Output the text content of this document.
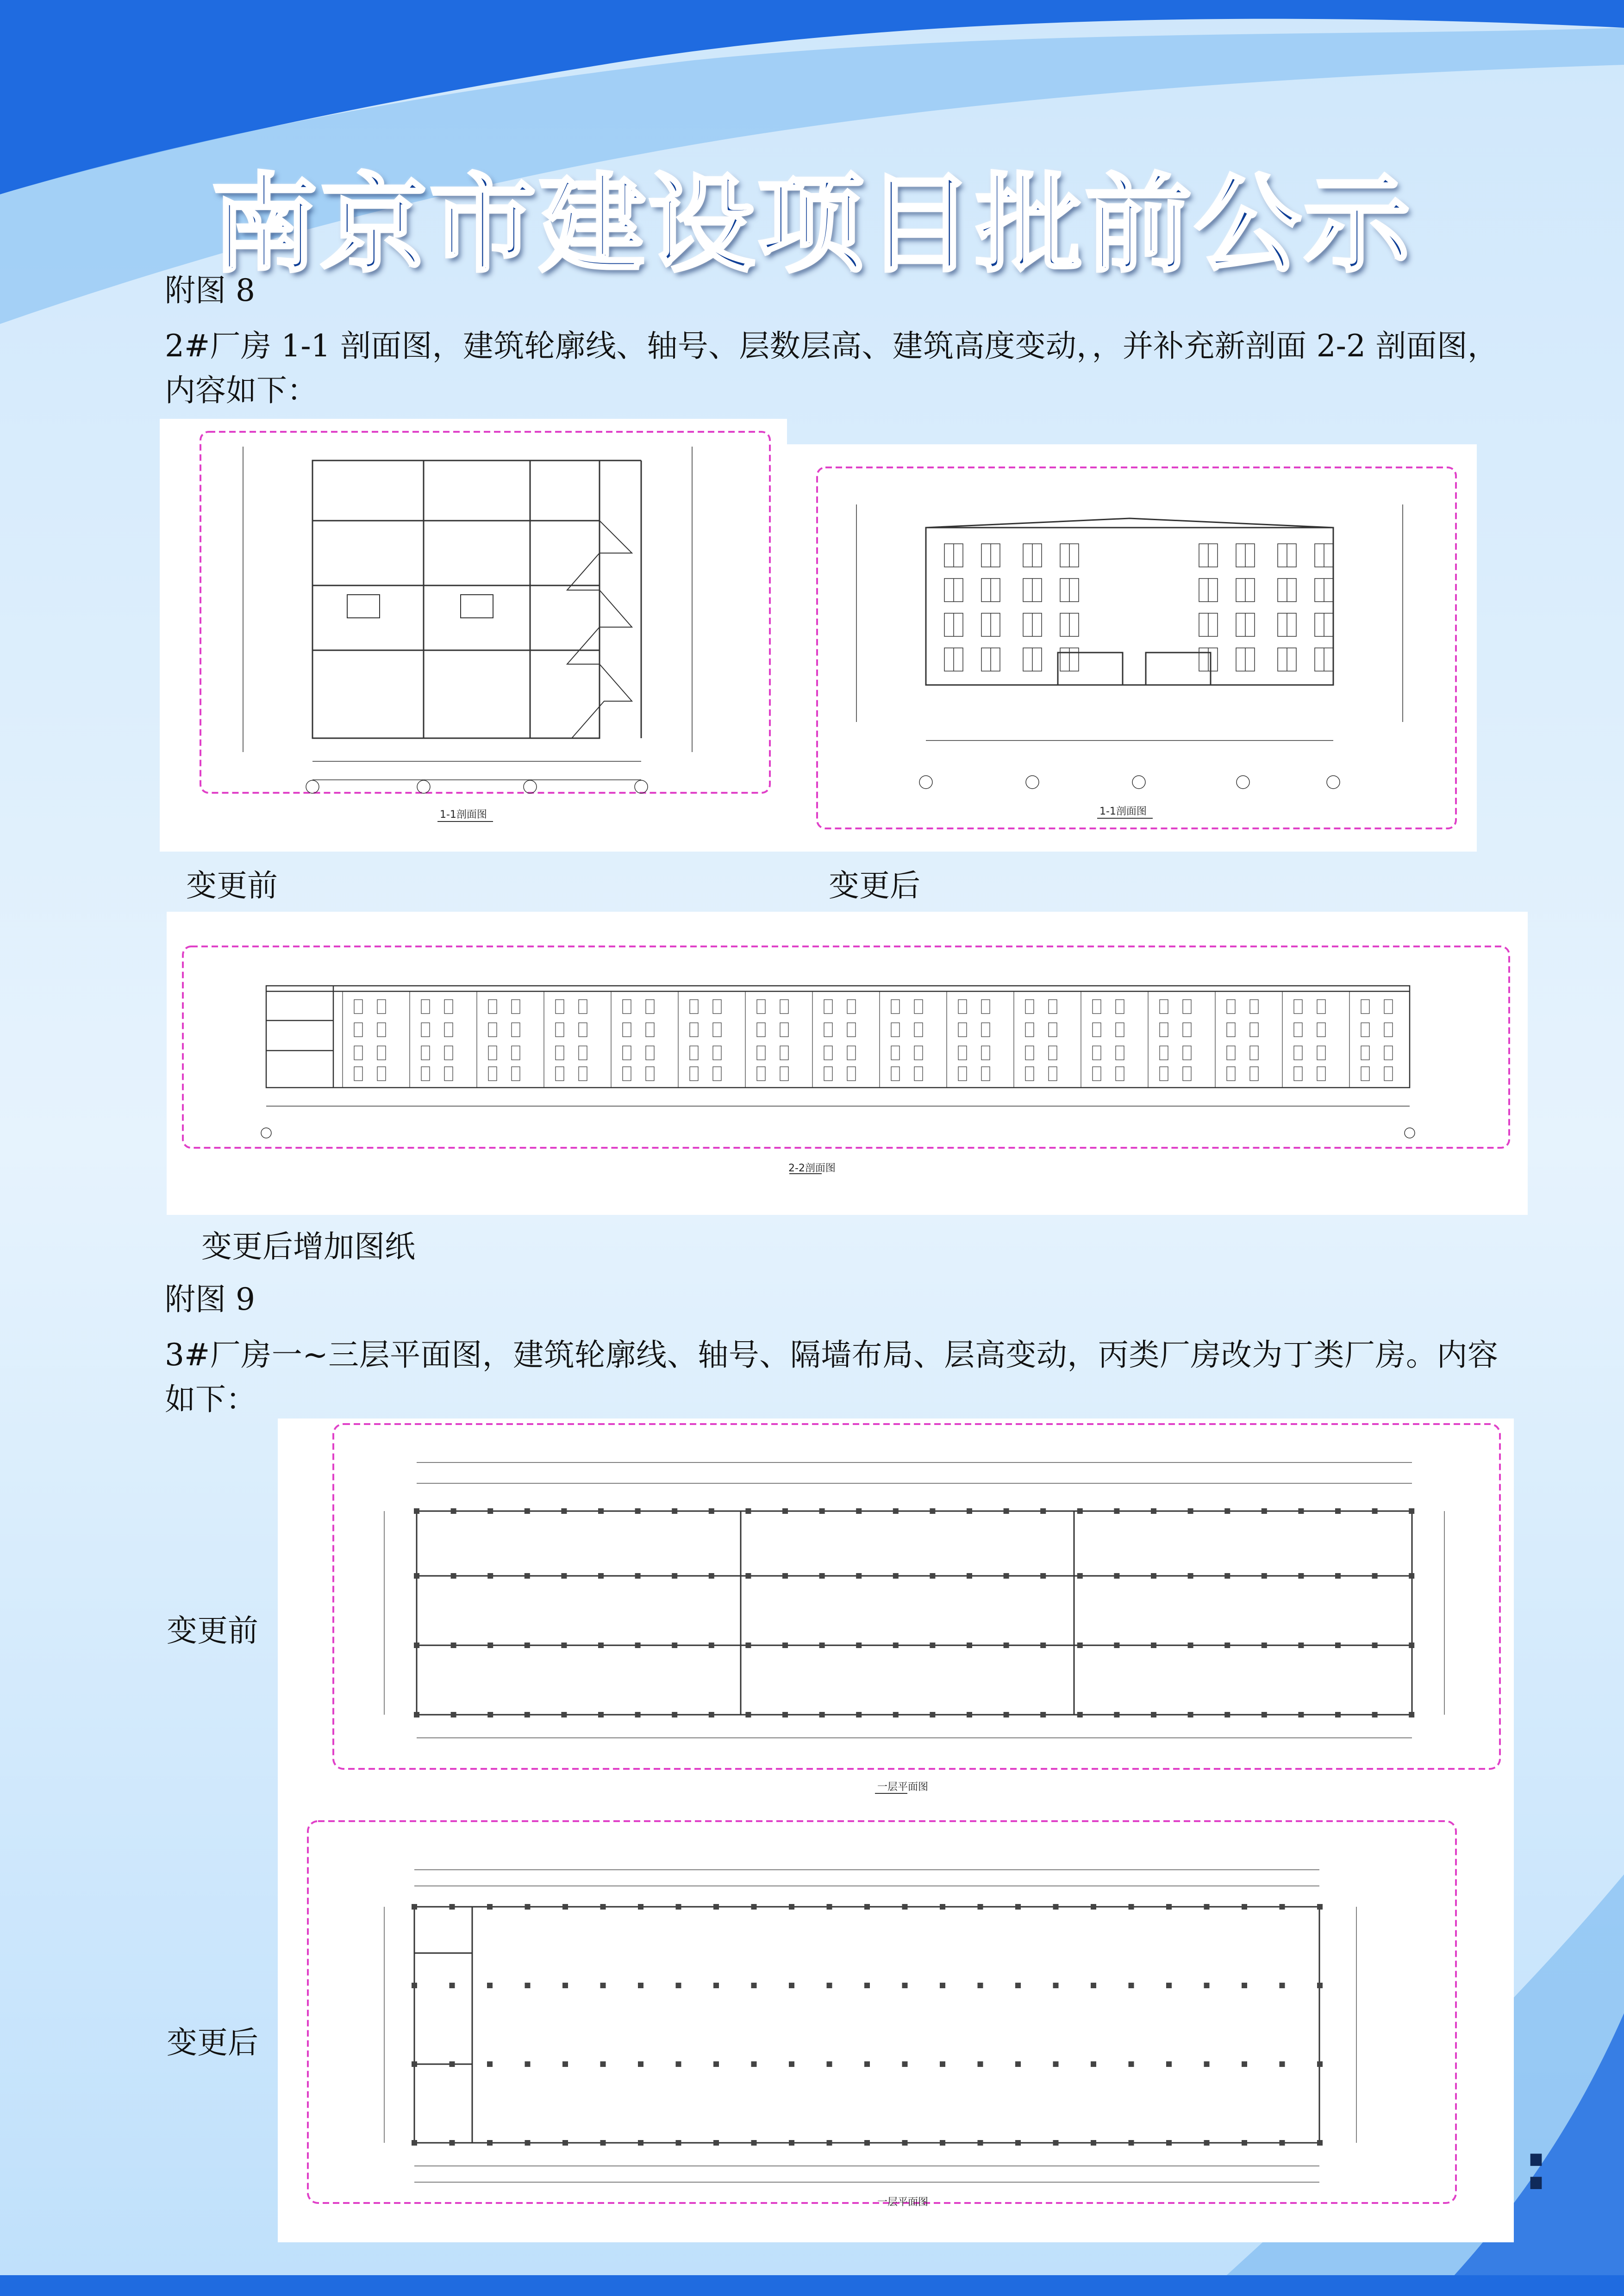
:
南京市建设项目批前公示
附图 8
2#厂房 1-1 剖面图，建筑轮廓线、轴号、层数层高、建筑高度变动，，并补充新剖面 2-2 剖面图，内容如下：
1-1剖面图
变更前
1-1剖面图
变更后
2-2剖面图
变更后增加图纸
附图 9
3#厂房一~三层平面图，建筑轮廓线、轴号、隔墙布局、层高变动，丙类厂房改为丁类厂房。内容如下：
一层平面图
一层平面图
变更前
变更后
